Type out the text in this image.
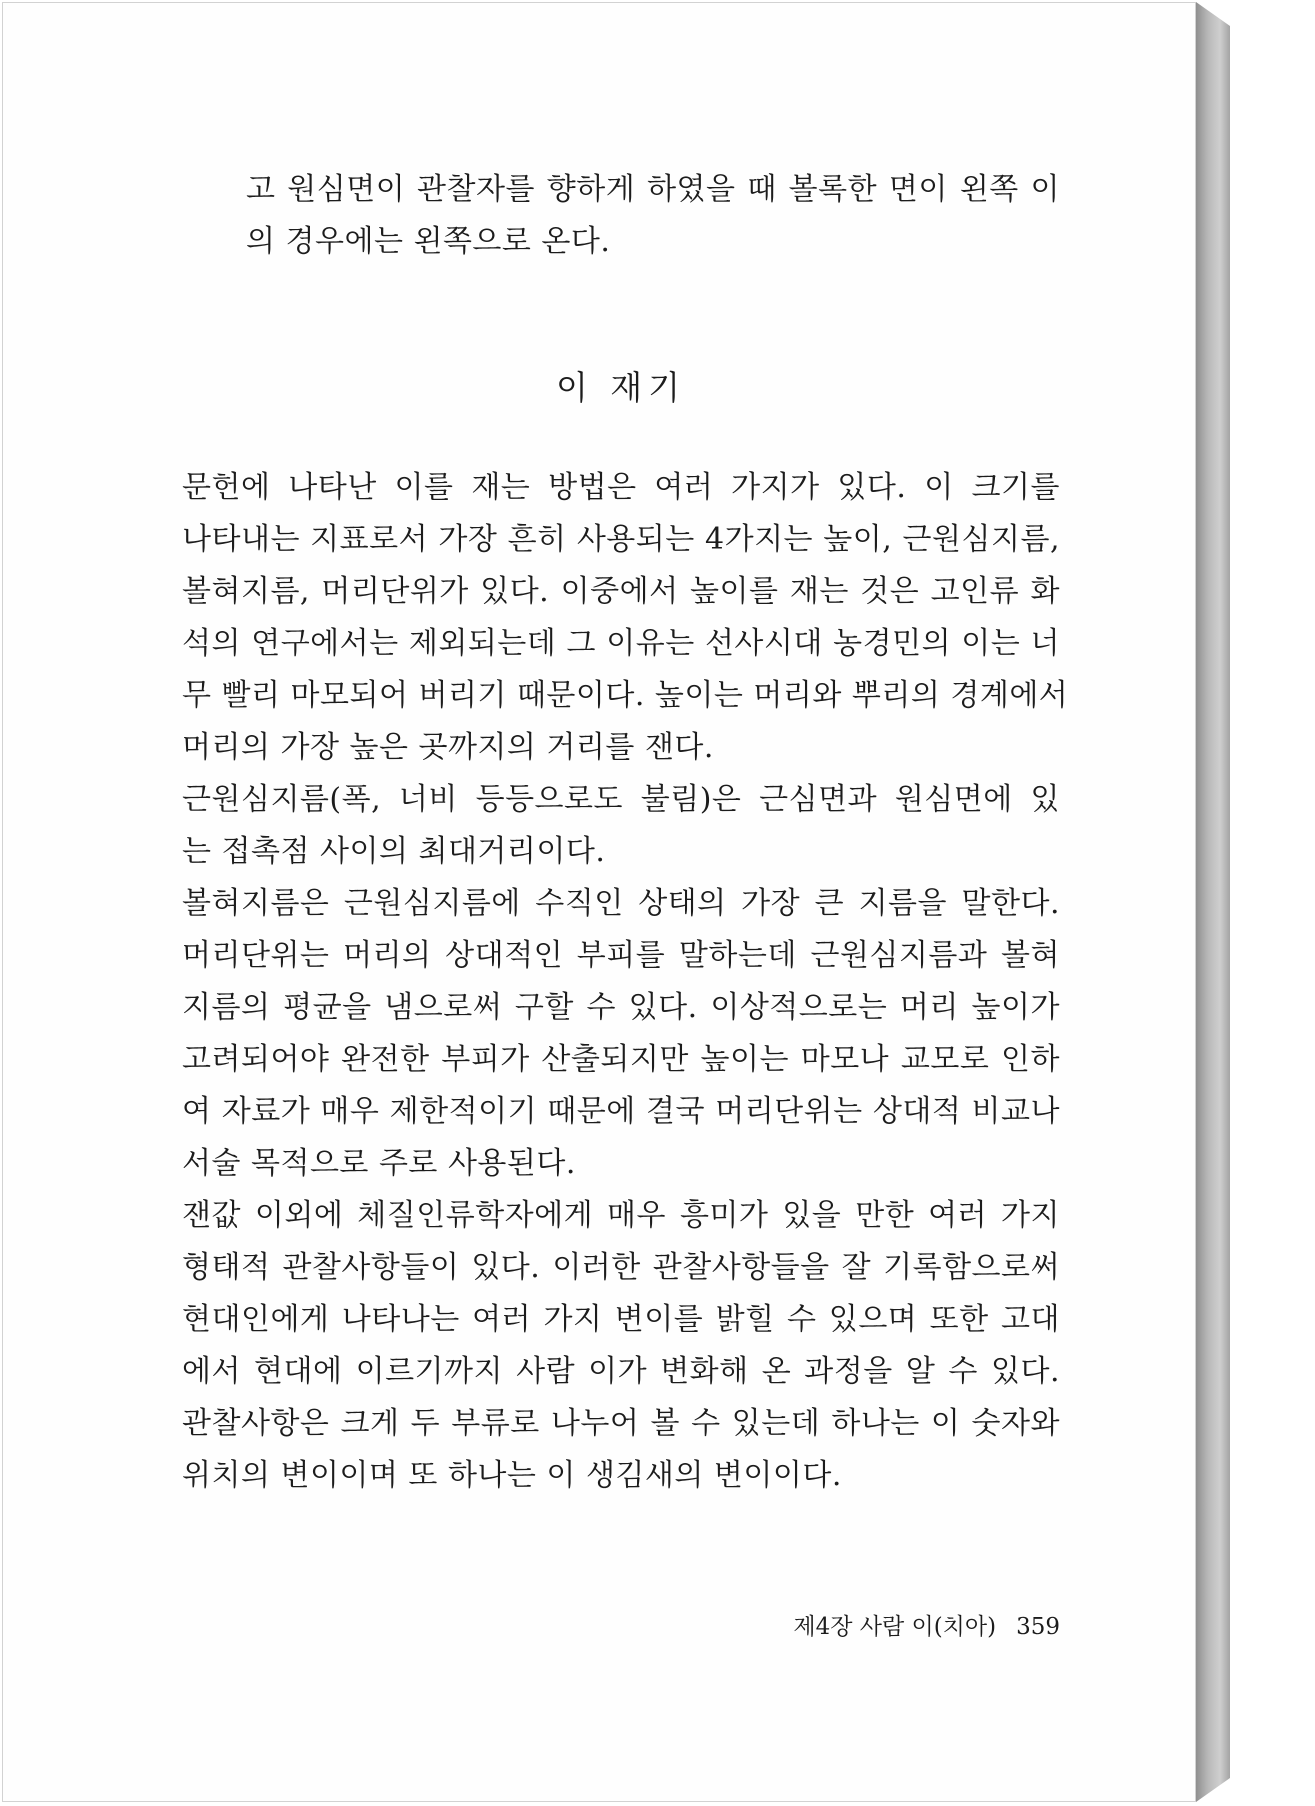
고 원심면이 관찰자를 향하게 하였을 때 볼록한 면이 왼쪽 이
의 경우에는 왼쪽으로 온다.
이 재기
문헌에 나타난 이를 재는 방법은 여러 가지가 있다. 이 크기를
나타내는 지표로서 가장 흔히 사용되는 4가지는 높이, 근원심지름,
볼혀지름, 머리단위가 있다. 이중에서 높이를 재는 것은 고인류 화
석의 연구에서는 제외되는데 그 이유는 선사시대 농경민의 이는 너
무 빨리 마모되어 버리기 때문이다. 높이는 머리와 뿌리의 경계에서
머리의 가장 높은 곳까지의 거리를 잰다.
근원심지름(폭, 너비 등등으로도 불림)은 근심면과 원심면에 있
는 접촉점 사이의 최대거리이다.
볼혀지름은 근원심지름에 수직인 상태의 가장 큰 지름을 말한다.
머리단위는 머리의 상대적인 부피를 말하는데 근원심지름과 볼혀
지름의 평균을 냄으로써 구할 수 있다. 이상적으로는 머리 높이가
고려되어야 완전한 부피가 산출되지만 높이는 마모나 교모로 인하
여 자료가 매우 제한적이기 때문에 결국 머리단위는 상대적 비교나
서술 목적으로 주로 사용된다.
잰값 이외에 체질인류학자에게 매우 흥미가 있을 만한 여러 가지
형태적 관찰사항들이 있다. 이러한 관찰사항들을 잘 기록함으로써
현대인에게 나타나는 여러 가지 변이를 밝힐 수 있으며 또한 고대
에서 현대에 이르기까지 사람 이가 변화해 온 과정을 알 수 있다.
관찰사항은 크게 두 부류로 나누어 볼 수 있는데 하나는 이 숫자와
위치의 변이이며 또 하나는 이 생김새의 변이이다.
제4장 사람 이(치아) 359
